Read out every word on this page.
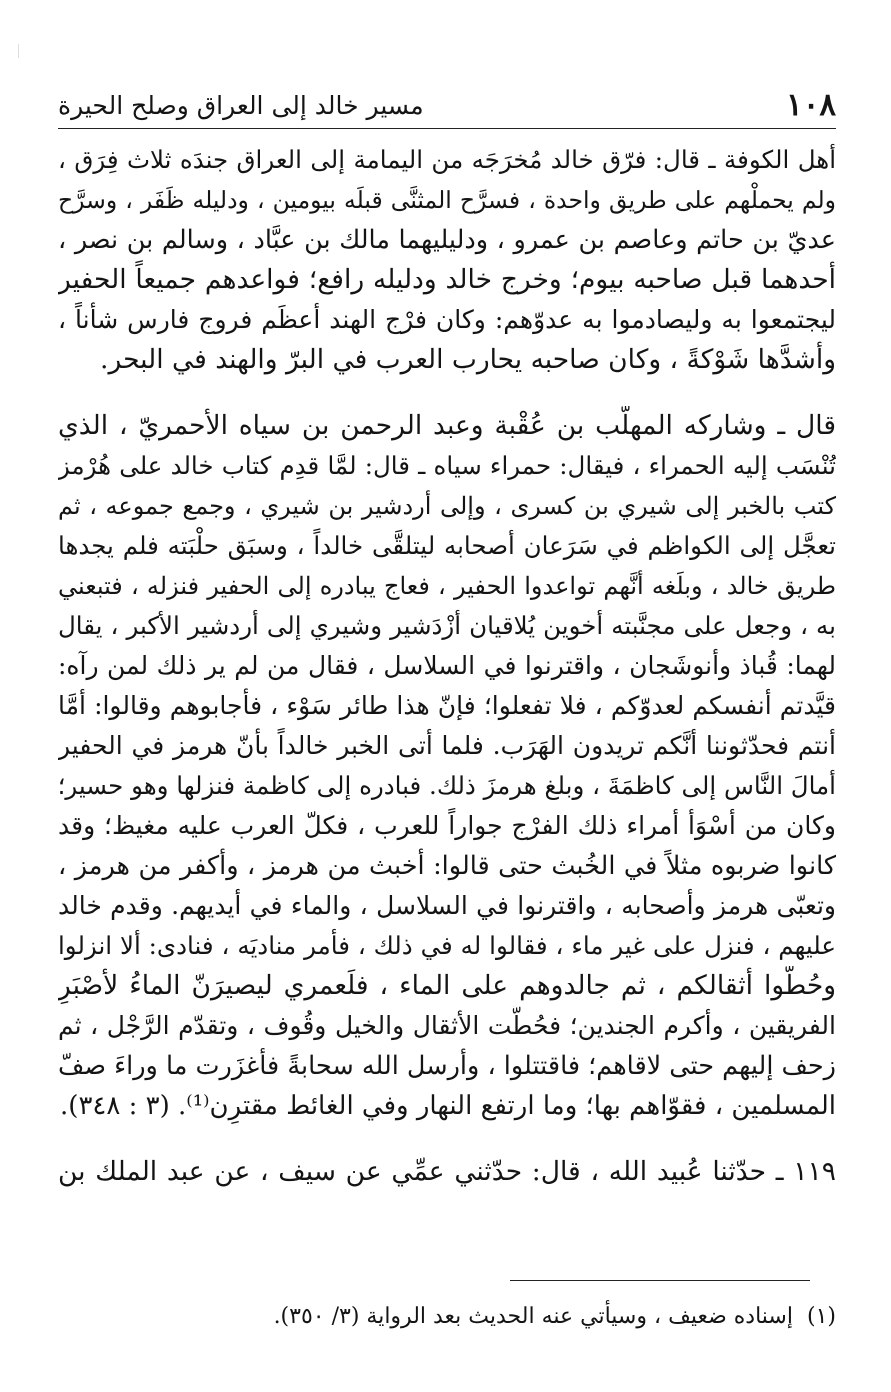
١٠٨
مسير خالد إلى العراق وصلح الحيرة
أهل الكوفة ـ قال: فرّق خالد مُخرَجَه من اليمامة إلى العراق جندَه ثلاث فِرَق ،
ولم يحملْهم على طريق واحدة ، فسرَّح المثنَّى قبلَه بيومين ، ودليله ظَفَر ، وسرَّح
عديّ بن حاتم وعاصم بن عمرو ، ودليليهما مالك بن عبَّاد ، وسالم بن نصر ،
أحدهما قبل صاحبه بيوم؛ وخرج خالد ودليله رافع؛ فواعدهم جميعاً الحفير
ليجتمعوا به وليصادموا به عدوّهم: وكان فرْج الهند أعظَم فروج فارس شأناً ،
وأشدَّها شَوْكةً ، وكان صاحبه يحارب العرب في البرّ والهند في البحر.
قال ـ وشاركه المهلَّب بن عُقْبة وعبد الرحمن بن سياه الأحمريّ ، الذي
تُنْسَب إليه الحمراء ، فيقال: حمراء سياه ـ قال: لمَّا قدِم كتاب خالد على هُرْمز
كتب بالخبر إلى شيري بن كسرى ، وإلى أردشير بن شيري ، وجمع جموعه ، ثم
تعجَّل إلى الكواظم في سَرَعان أصحابه ليتلقَّى خالداً ، وسبَق حلْبَته فلم يجدها
طريق خالد ، وبلَغه أنَّهم تواعدوا الحفير ، فعاج يبادره إلى الحفير فنزله ، فتبعني
به ، وجعل على مجنَّبته أخوين يُلاقيان أزْدَشير وشيري إلى أردشير الأكبر ، يقال
لهما: قُباذ وأنوشَجان ، واقترنوا في السلاسل ، فقال من لم ير ذلك لمن رآه:
قيَّدتم أنفسكم لعدوّكم ، فلا تفعلوا؛ فإنّ هذا طائر سَوْء ، فأجابوهم وقالوا: أمَّا
أنتم فحدّثوننا أنَّكم تريدون الهَرَب. فلما أتى الخبر خالداً بأنّ هرمز في الحفير
أمالَ النَّاس إلى كاظمَةَ ، وبلغ هرمزَ ذلك. فبادره إلى كاظمة فنزلها وهو حسير؛
وكان من أسْوَأ أمراء ذلك الفرْج جواراً للعرب ، فكلّ العرب عليه مغيظ؛ وقد
كانوا ضربوه مثلاً في الخُبث حتى قالوا: أخبث من هرمز ، وأكفر من هرمز ،
وتعبّى هرمز وأصحابه ، واقترنوا في السلاسل ، والماء في أيديهم. وقدم خالد
عليهم ، فنزل على غير ماء ، فقالوا له في ذلك ، فأمر مناديَه ، فنادى: ألا انزلوا
وحُطُّوا أثقالكم ، ثم جالدوهم على الماء ، فلَعمري ليصيرَنّ الماءُ لأصْبَرِ
الفريقين ، وأكرم الجندين؛ فحُطَّت الأثقال والخيل وقُوف ، وتقدّم الرَّجْل ، ثم
زحف إليهم حتى لاقاهم؛ فاقتتلوا ، وأرسل الله سحابةً فأغزَرت ما وراءَ صفّ
المسلمين ، فقوّاهم بها؛ وما ارتفع النهار وفي الغائط مقترِن⁽¹⁾. (٣ : ٣٤٨).
١١٩ ـ حدّثنا عُبيد الله ، قال: حدّثني عمِّي عن سيف ، عن عبد الملك بن
(١)إسناده ضعيف ، وسيأتي عنه الحديث بعد الرواية (٣/ ٣٥٠).
